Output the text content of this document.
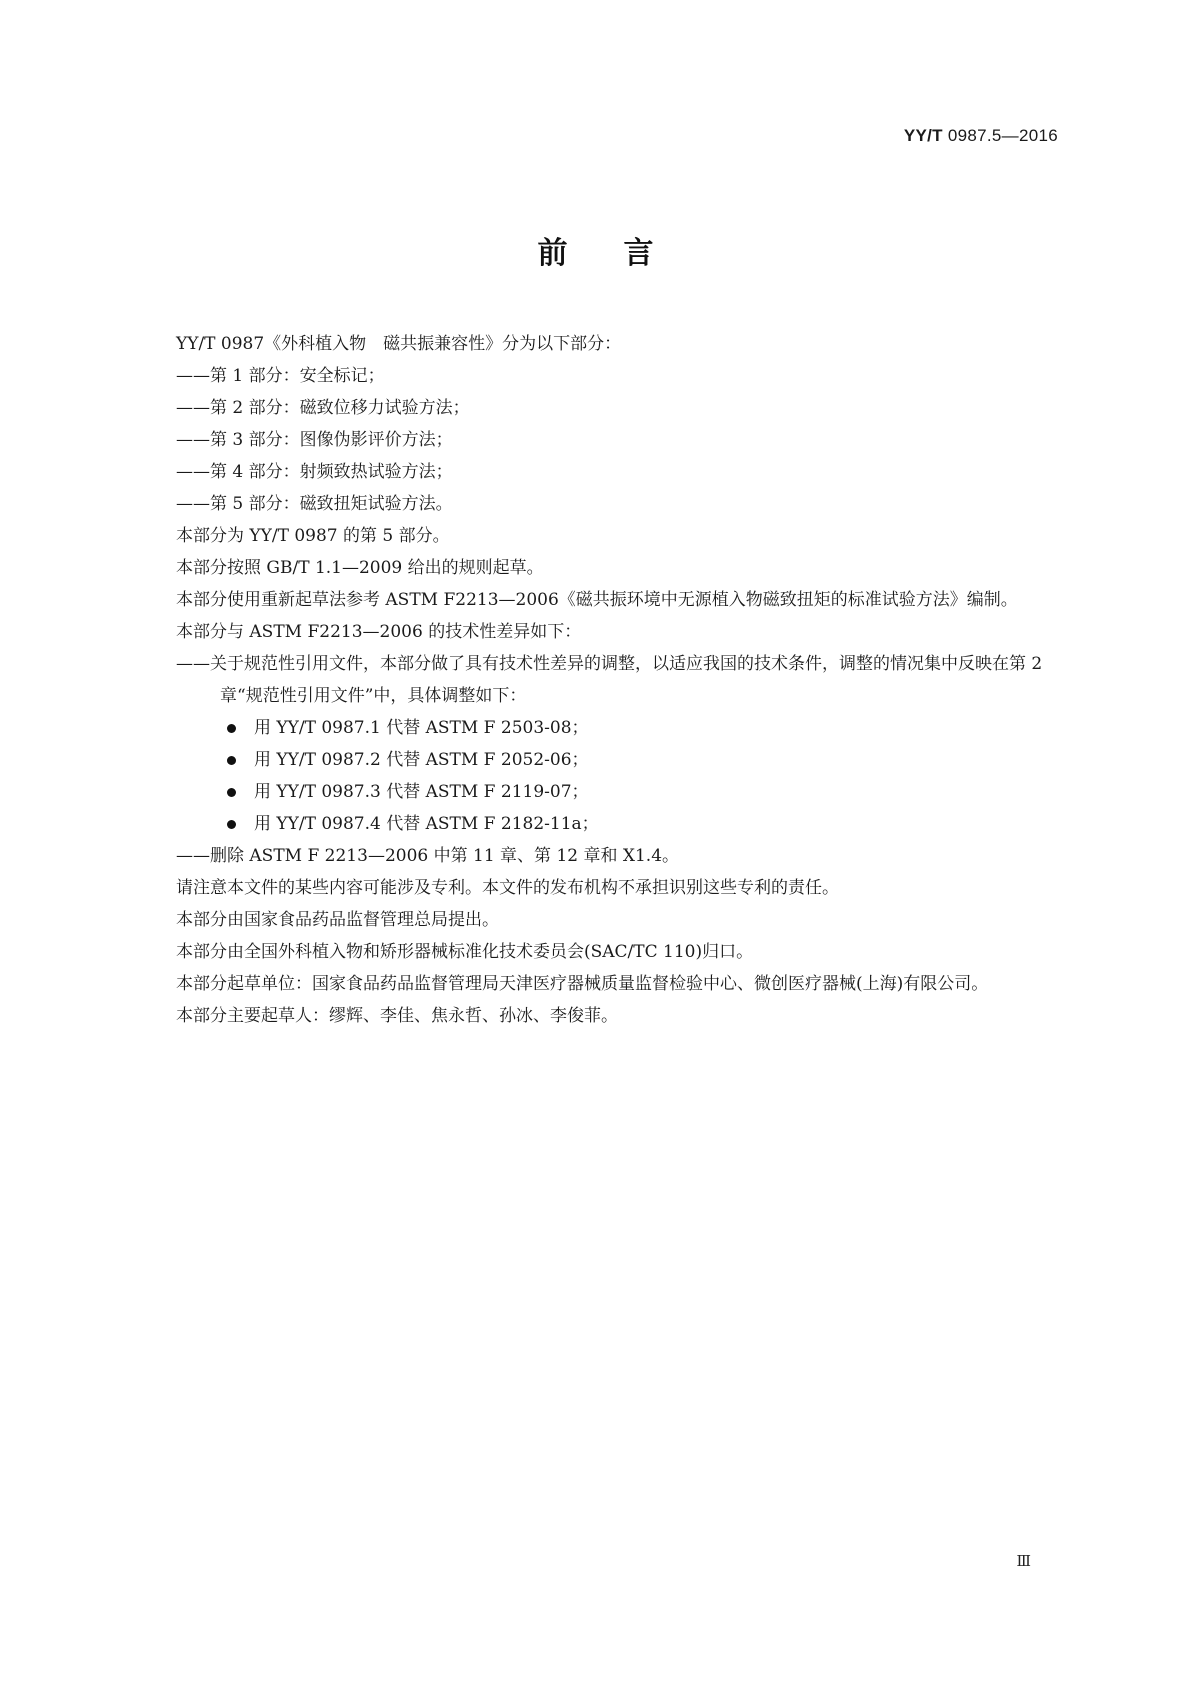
YY/T 0987.5—2016
前言

YY/T 0987《外科植入物　磁共振兼容性》分为以下部分：

——第 1 部分：安全标记；

——第 2 部分：磁致位移力试验方法；

——第 3 部分：图像伪影评价方法；

——第 4 部分：射频致热试验方法；

——第 5 部分：磁致扭矩试验方法。

本部分为 YY/T 0987 的第 5 部分。

本部分按照 GB/T 1.1—2009 给出的规则起草。

本部分使用重新起草法参考 ASTM F2213—2006《磁共振环境中无源植入物磁致扭矩的标准试验方法》编制。

本部分与 ASTM F2213—2006 的技术性差异如下：

——关于规范性引用文件，本部分做了具有技术性差异的调整，以适应我国的技术条件，调整的情况集中反映在第 2 章“规范性引用文件”中，具体调整如下：

用 YY/T 0987.1 代替 ASTM F 2503-08；

用 YY/T 0987.2 代替 ASTM F 2052-06；

用 YY/T 0987.3 代替 ASTM F 2119-07；

用 YY/T 0987.4 代替 ASTM F 2182-11a；

——删除 ASTM F 2213—2006 中第 11 章、第 12 章和 X1.4。

请注意本文件的某些内容可能涉及专利。本文件的发布机构不承担识别这些专利的责任。

本部分由国家食品药品监督管理总局提出。

本部分由全国外科植入物和矫形器械标准化技术委员会(SAC/TC 110)归口。

本部分起草单位：国家食品药品监督管理局天津医疗器械质量监督检验中心、微创医疗器械(上海)有限公司。

本部分主要起草人：缪辉、李佳、焦永哲、孙冰、李俊菲。

Ⅲ
